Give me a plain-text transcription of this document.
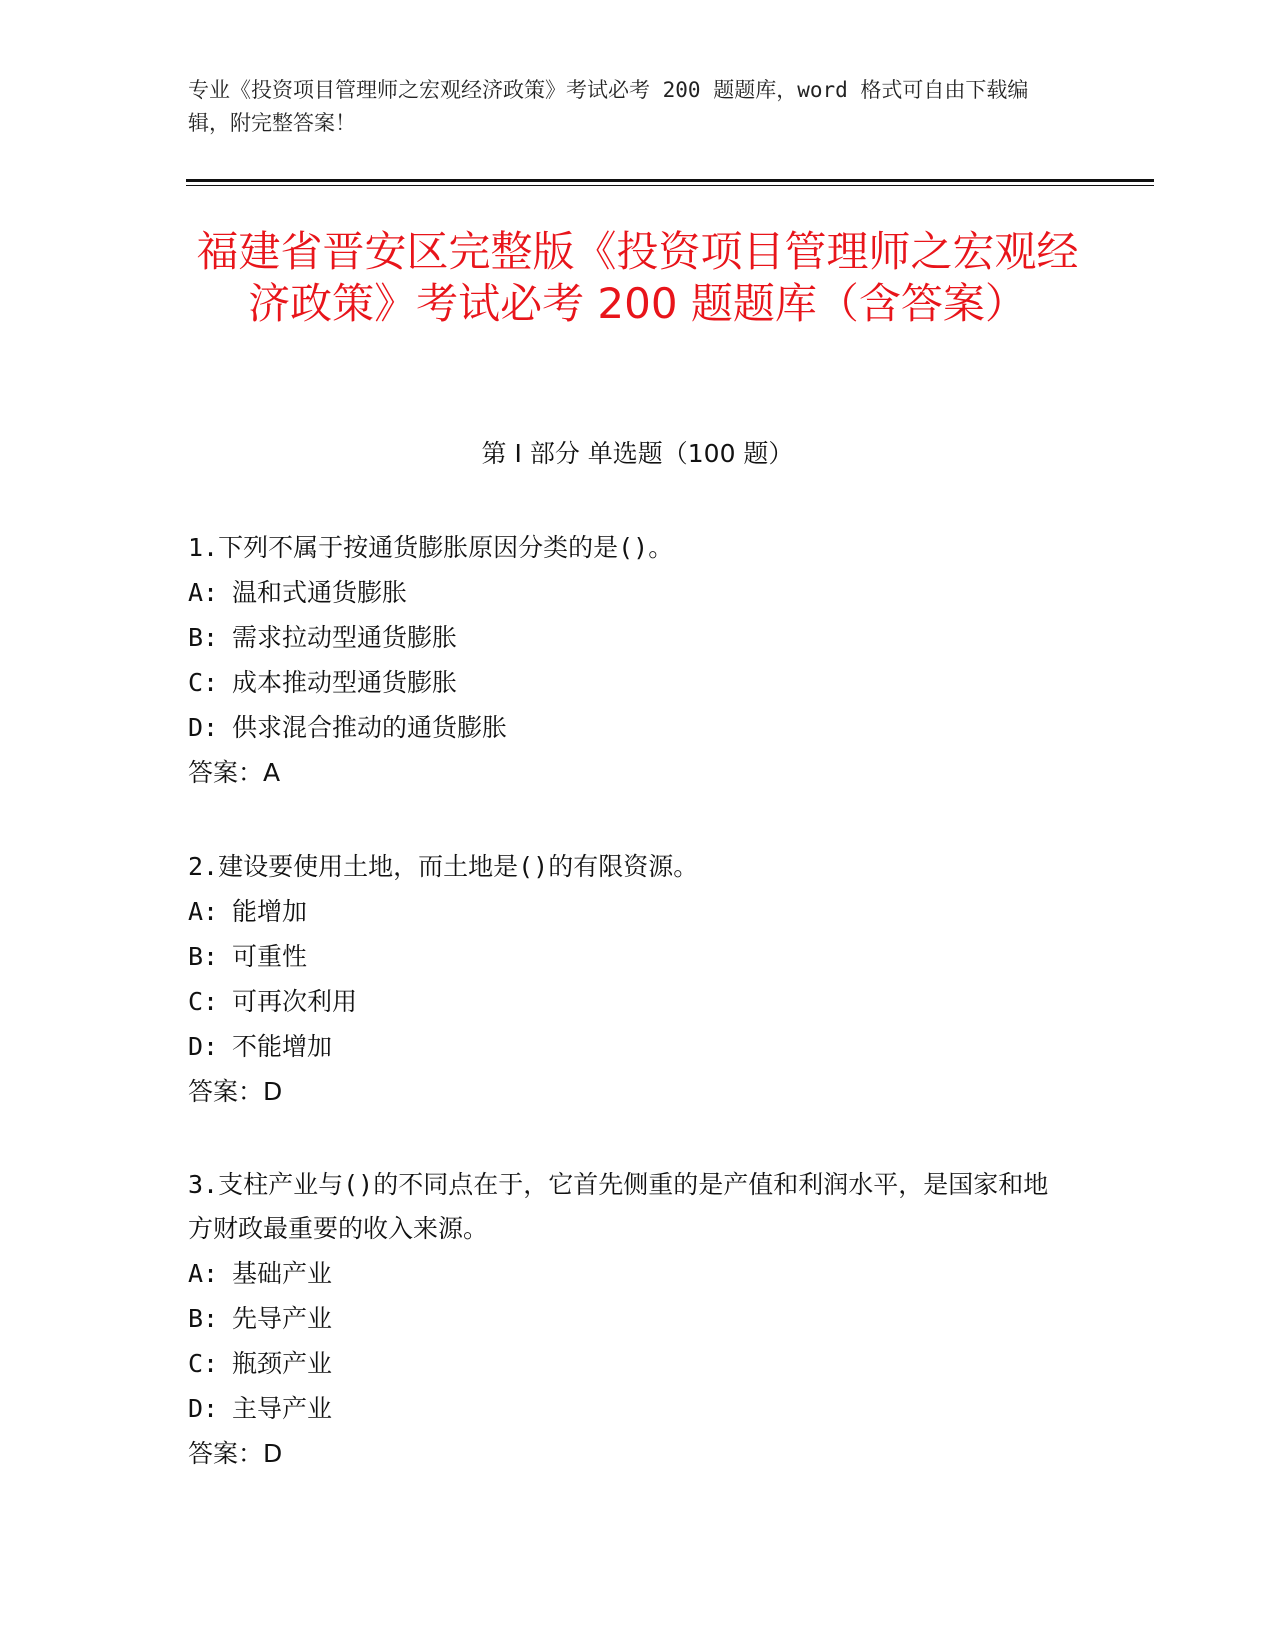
专业《投资项目管理师之宏观经济政策》考试必考 200 题题库，word 格式可自由下载编辑，附完整答案！
福建省晋安区完整版《投资项目管理师之宏观经济政策》考试必考 200 题题库（含答案）
第 I 部分 单选题（100 题）
1.下列不属于按通货膨胀原因分类的是()。
A: 温和式通货膨胀
B: 需求拉动型通货膨胀
C: 成本推动型通货膨胀
D: 供求混合推动的通货膨胀
答案：A
2.建设要使用土地，而土地是()的有限资源。
A: 能增加
B: 可重性
C: 可再次利用
D: 不能增加
答案：D
3.支柱产业与()的不同点在于，它首先侧重的是产值和利润水平，是国家和地方财政最重要的收入来源。
A: 基础产业
B: 先导产业
C: 瓶颈产业
D: 主导产业
答案：D
